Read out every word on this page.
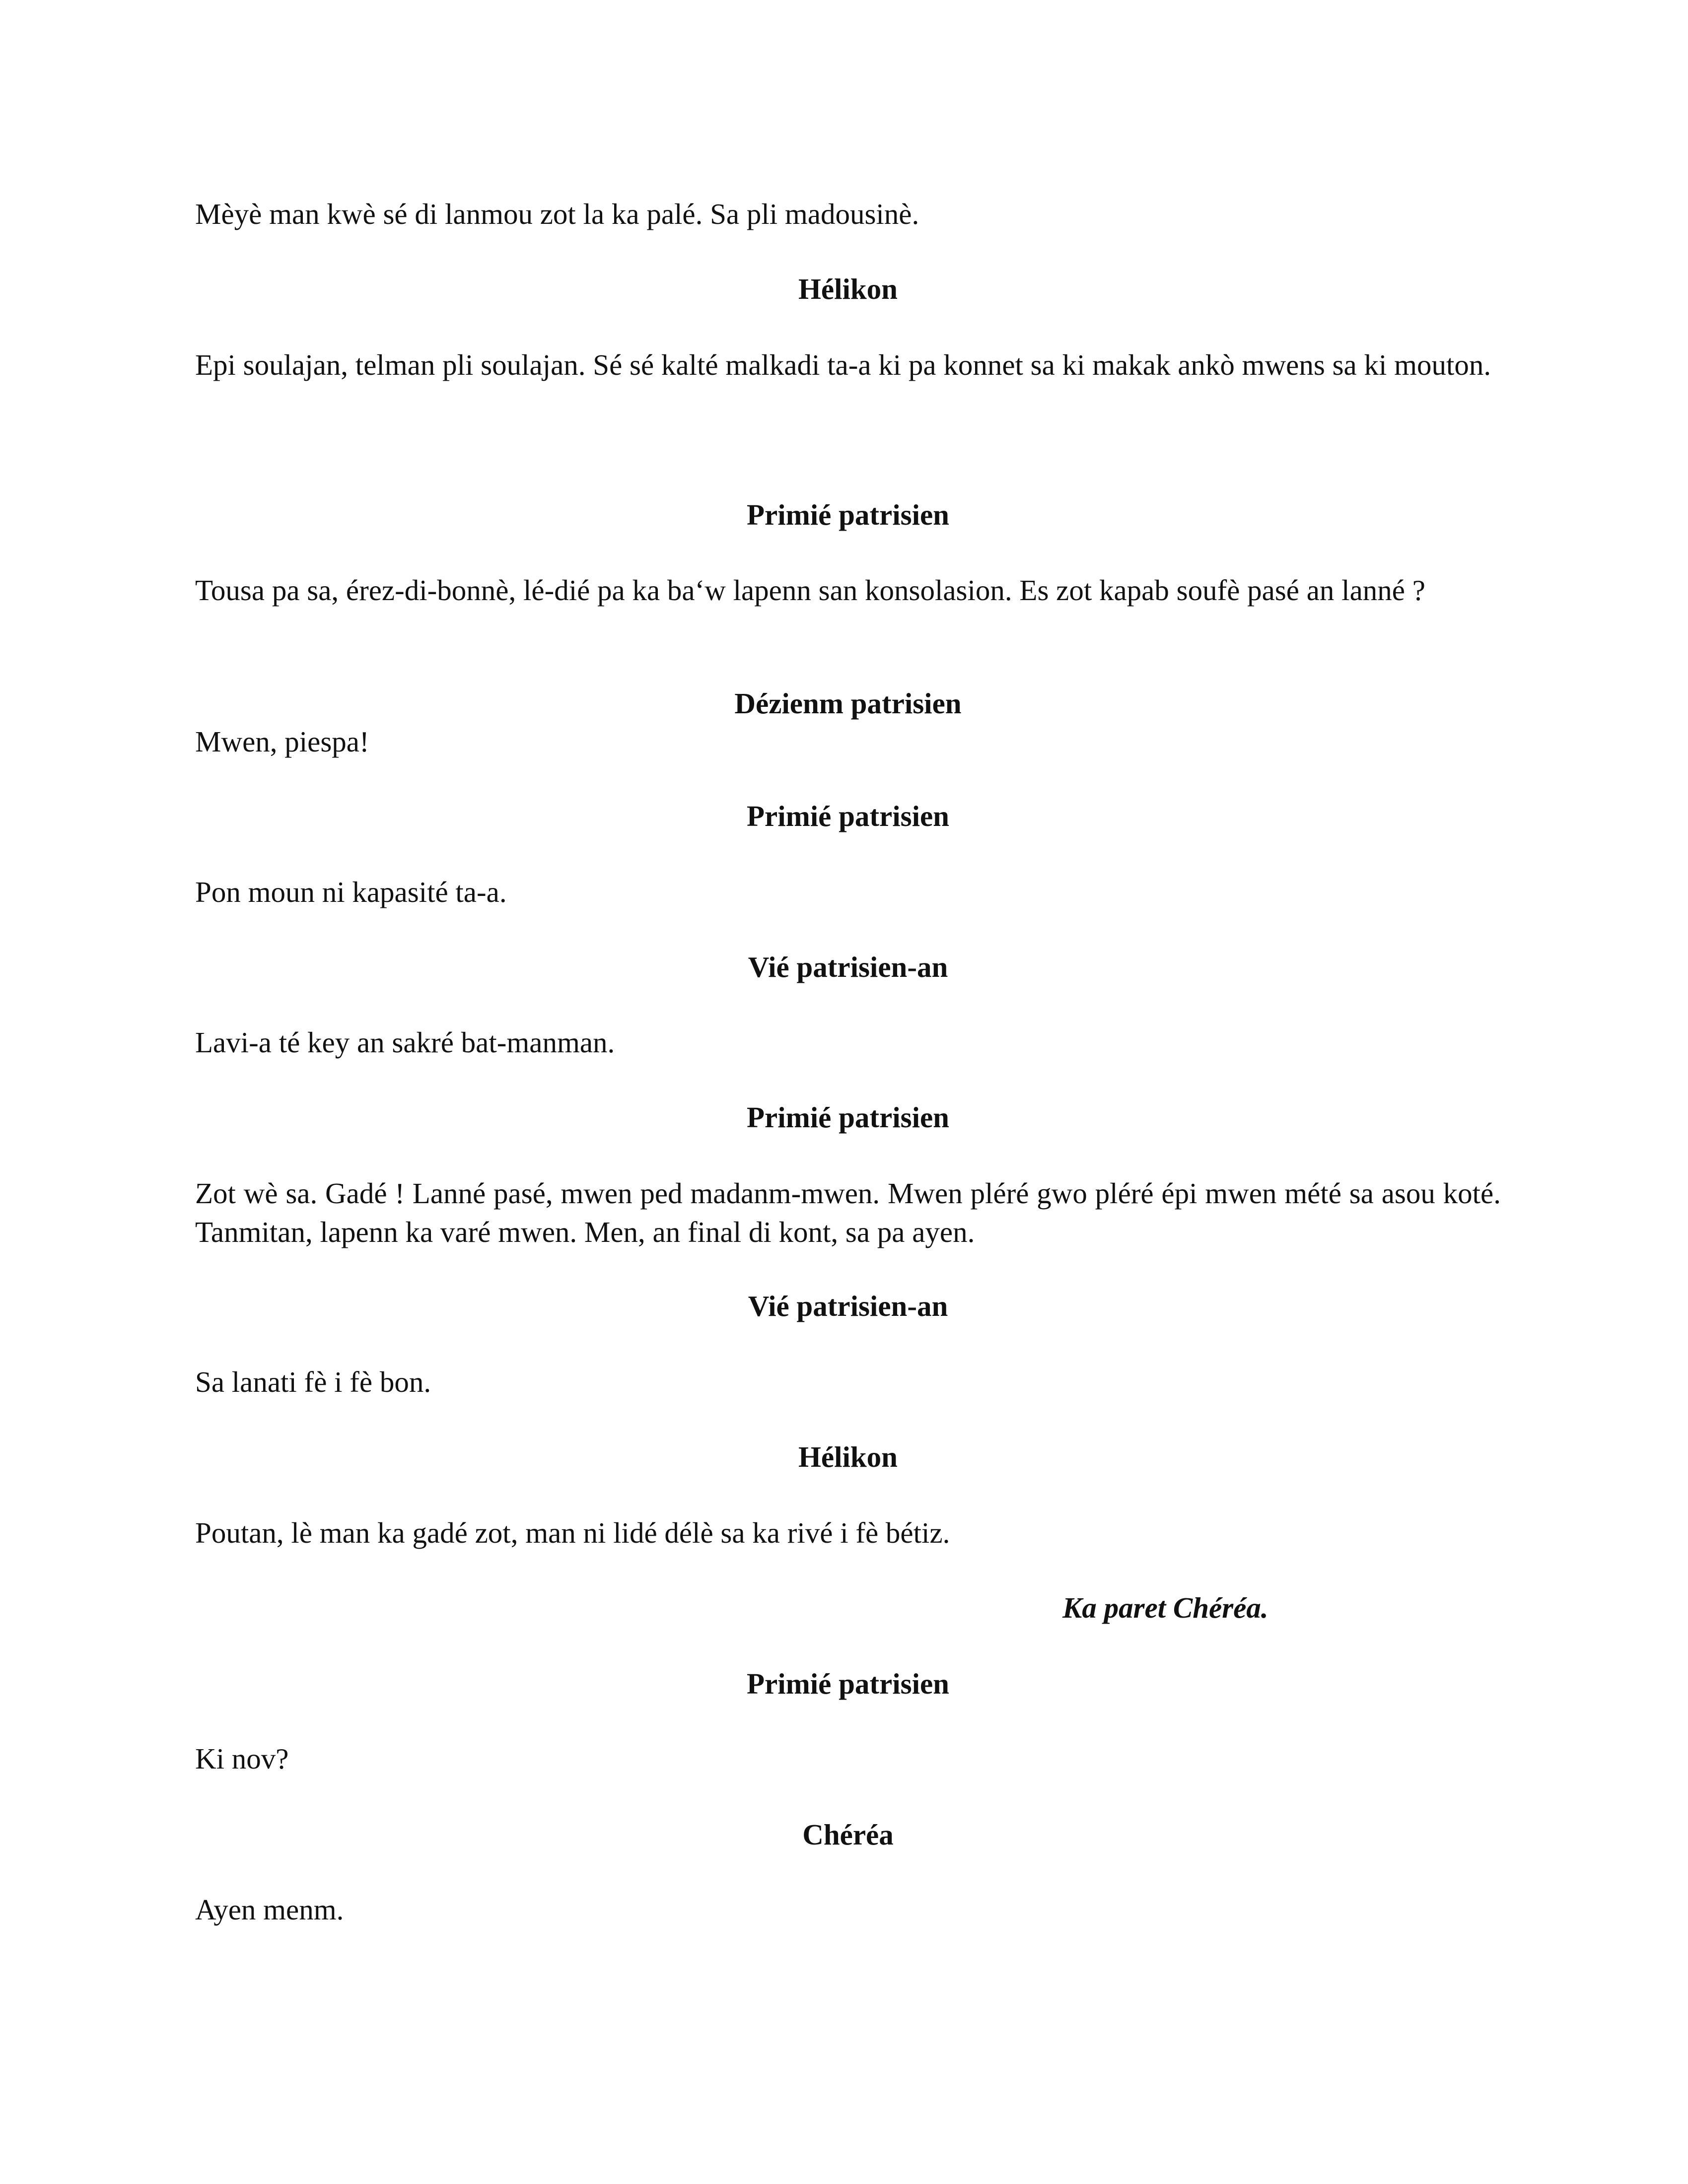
Mèyè man kwè sé di lanmou zot la ka palé. Sa pli madousinè.

Hélikon

Epi soulajan, telman pli soulajan. Sé sé kalté malkadi ta-a ki pa konnet sa ki makak ankò mwens sa ki mouton.

Primié patrisien

Tousa pa sa, érez-di-bonnè, lé-dié pa ka ba‘w lapenn san konsolasion. Es zot kapab soufè pasé an lanné ?

Dézienm patrisien

Mwen, piespa!

Primié patrisien

Pon moun ni kapasité ta-a.

Vié patrisien-an

Lavi-a té key an sakré bat-manman.

Primié patrisien

Zot wè sa. Gadé ! Lanné pasé, mwen ped madanm-mwen. Mwen pléré gwo pléré épi mwen mété sa asou koté. Tanmitan, lapenn ka varé mwen. Men, an final di kont, sa pa ayen.

Vié patrisien-an

Sa lanati fè i fè bon.

Hélikon

Poutan, lè man ka gadé zot, man ni lidé délè sa ka rivé i fè bétiz.

Ka paret Chéréa.

Primié patrisien

Ki nov?

Chéréa

Ayen menm.
